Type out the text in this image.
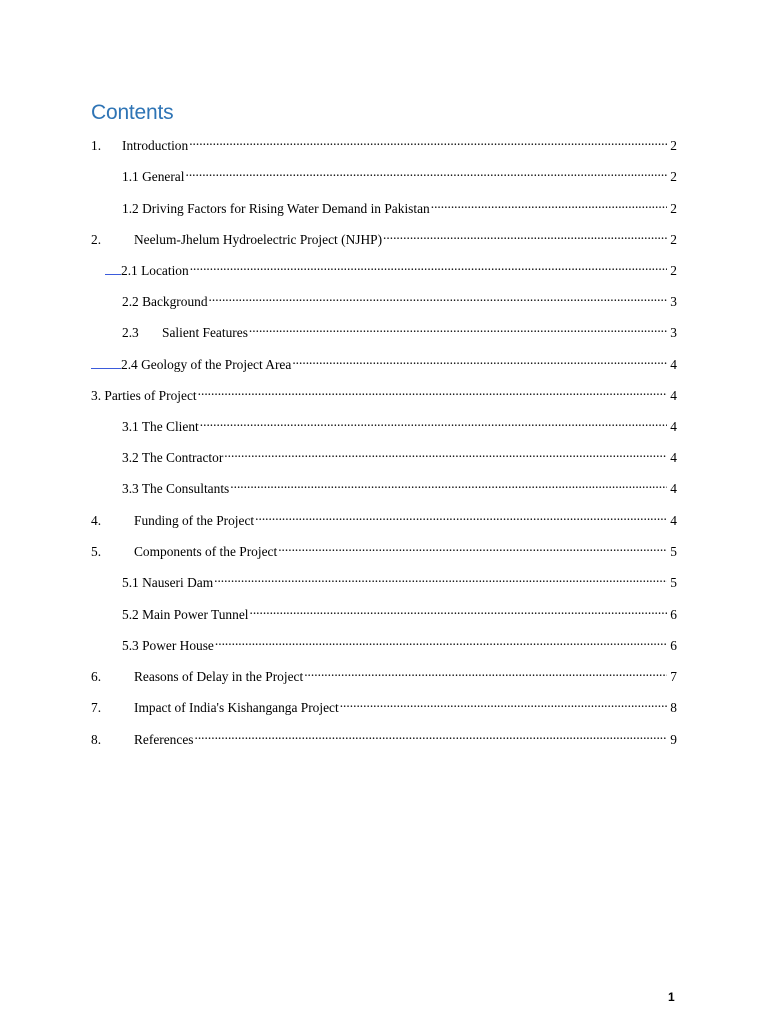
Contents
1.	Introduction .....	2
1.1 General .....	2
1.2 Driving Factors for Rising Water Demand in Pakistan .....	2
2.	Neelum-Jhelum Hydroelectric Project (NJHP) .....	2
2.1 Location .....	2
2.2 Background .....	3
2.3	Salient Features .....	3
2.4 Geology of the Project Area .....	4
3. Parties of Project .....	4
3.1 The Client .....	4
3.2 The Contractor .....	4
3.3 The Consultants .....	4
4.	Funding of the Project .....	4
5.	Components of the Project .....	5
5.1 Nauseri Dam .....	5
5.2 Main Power Tunnel .....	6
5.3 Power House .....	6
6.	Reasons of Delay in the Project .....	7
7.	Impact of India's Kishanganga Project .....	8
8.	References .....	9
1
